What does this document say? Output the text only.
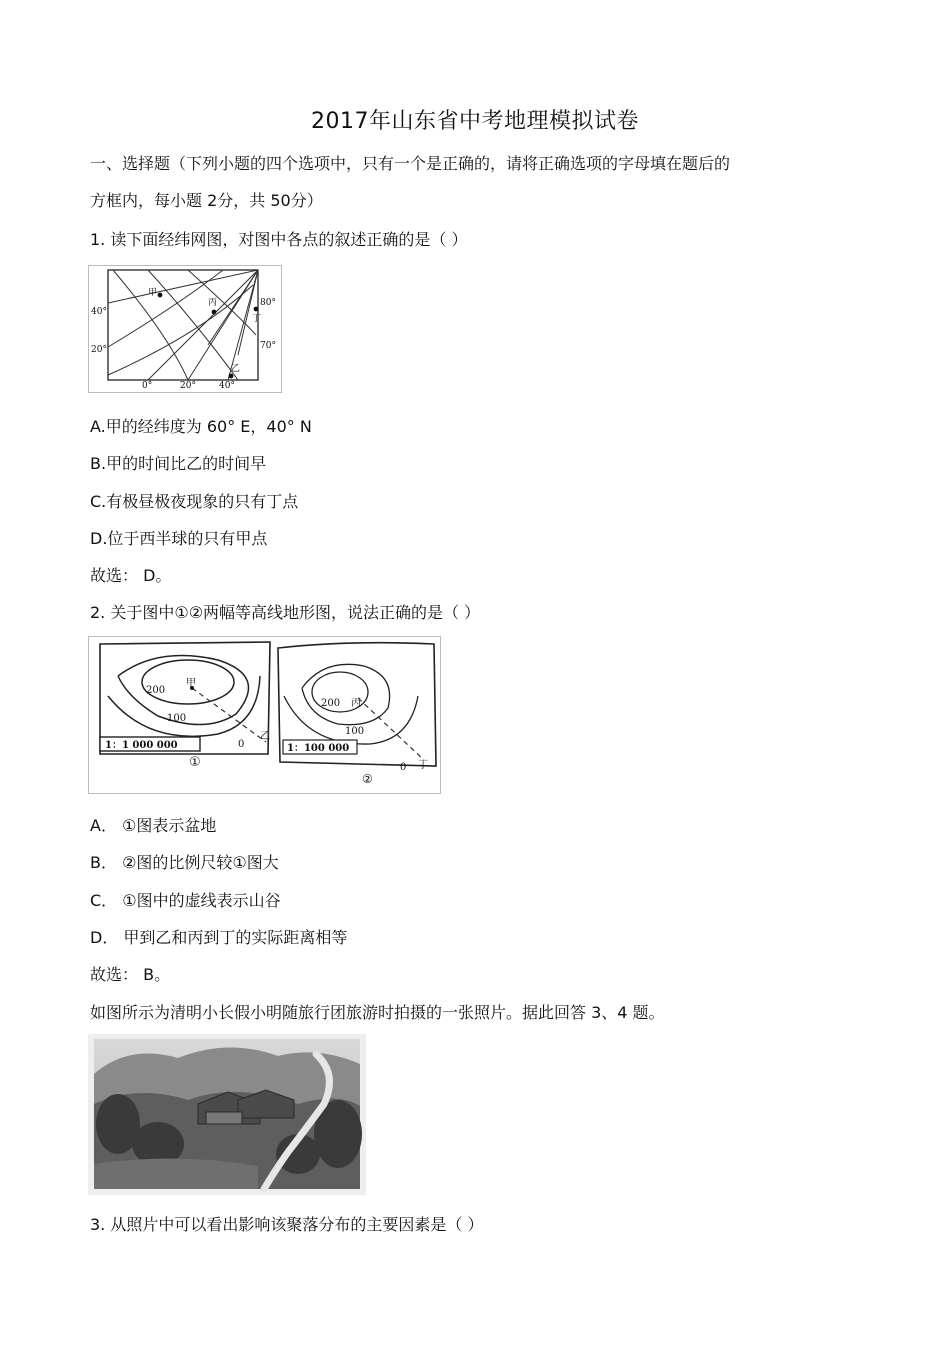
2017年山东省中考地理模拟试卷
一、选择题（下列小题的四个选项中，只有一个是正确的，请将正确选项的字母填在题后的
方框内，每小题 2分，共 50分）
1. 读下面经纬网图，对图中各点的叙述正确的是（ ）
甲
丙
丁
乙
40°
20°
0°	20°	40°
80°
70°
A.甲的经纬度为 60° E，40° N
B.甲的时间比乙的时间早
C.有极昼极夜现象的只有丁点
D.位于西半球的只有甲点
故选： D。
2. 关于图中①②两幅等高线地形图，说法正确的是（ ）
200
甲
100
0
乙
1：1 000 000
①
200 丙
100
0 丁
1：100 000
②
A． ①图表示盆地
B． ②图的比例尺较①图大
C． ①图中的虚线表示山谷
D． 甲到乙和丙到丁的实际距离相等
故选： B。
如图所示为清明小长假小明随旅行团旅游时拍摄的一张照片。据此回答 3、4 题。
3. 从照片中可以看出影响该聚落分布的主要因素是（ ）
